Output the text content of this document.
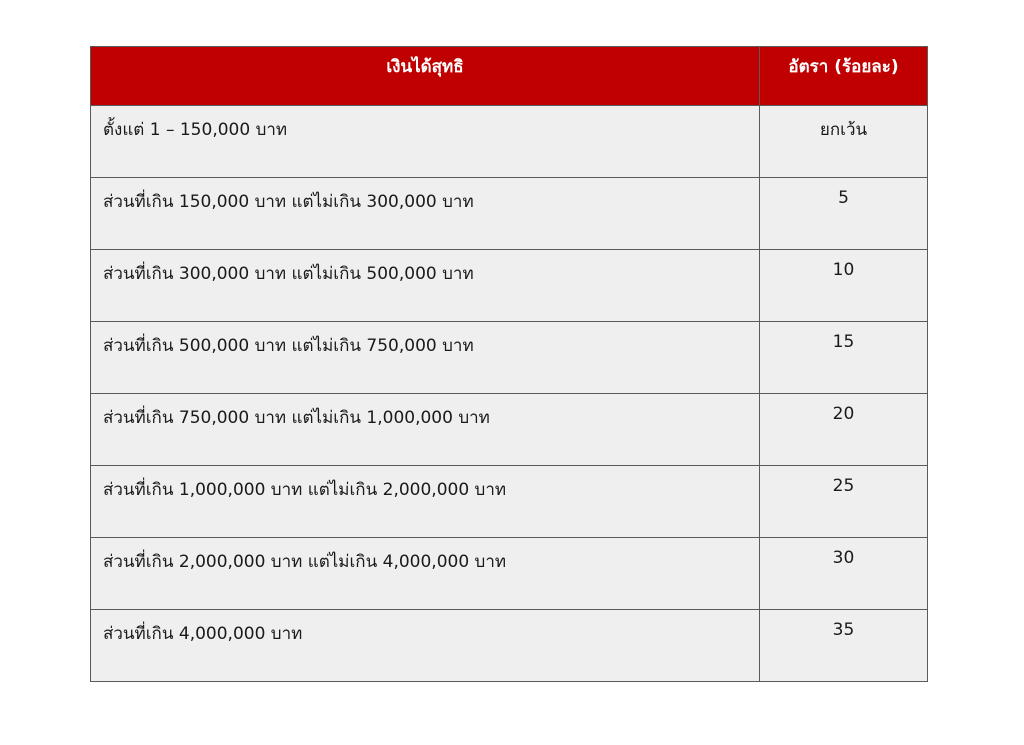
เงินได้สุทธิ	อัตรา (ร้อยละ)
ตั้งแต่ 1 – 150,000 บาท	ยกเว้น
ส่วนที่เกิน 150,000 บาท แต่ไม่เกิน 300,000 บาท	5
ส่วนที่เกิน 300,000 บาท แต่ไม่เกิน 500,000 บาท	10
ส่วนที่เกิน 500,000 บาท แต่ไม่เกิน 750,000 บาท	15
ส่วนที่เกิน 750,000 บาท แต่ไม่เกิน 1,000,000 บาท	20
ส่วนที่เกิน 1,000,000 บาท แต่ไม่เกิน 2,000,000 บาท	25
ส่วนที่เกิน 2,000,000 บาท แต่ไม่เกิน 4,000,000 บาท	30
ส่วนที่เกิน 4,000,000 บาท	35
